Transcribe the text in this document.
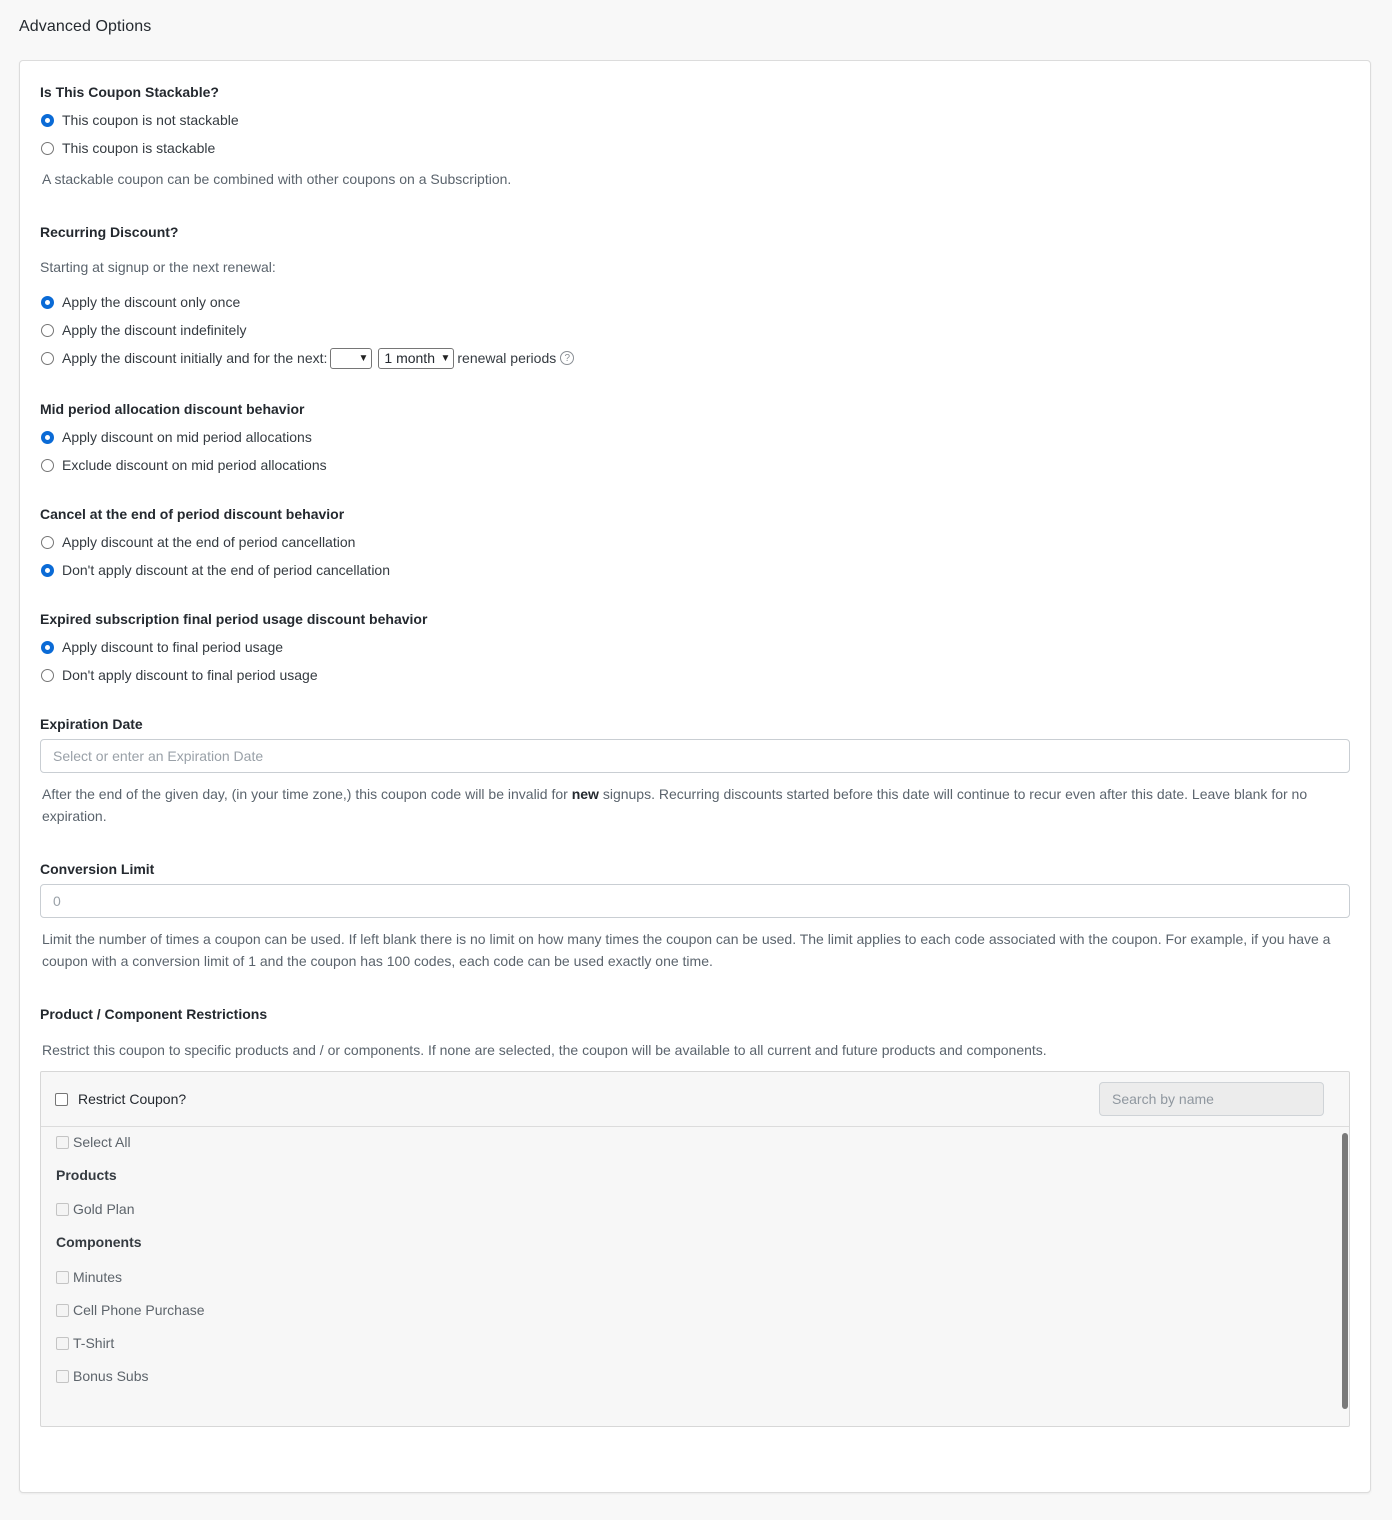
Advanced Options
Is This Coupon Stackable?
This coupon is not stackable
This coupon is stackable
A stackable coupon can be combined with other coupons on a Subscription.
Recurring Discount?
Starting at signup or the next renewal:
Apply the discount only once
Apply the discount indefinitely
Apply the discount initially and for the next:	▼ 1 month ▼ renewal periods ?
Mid period allocation discount behavior
Apply discount on mid period allocations
Exclude discount on mid period allocations
Cancel at the end of period discount behavior
Apply discount at the end of period cancellation
Don't apply discount at the end of period cancellation
Expired subscription final period usage discount behavior
Apply discount to final period usage
Don't apply discount to final period usage
Expiration Date
Select or enter an Expiration Date
After the end of the given day, (in your time zone,) this coupon code will be invalid for new signups. Recurring discounts started before this date will continue to recur even after this date. Leave blank for no expiration.
Conversion Limit
0
Limit the number of times a coupon can be used. If left blank there is no limit on how many times the coupon can be used. The limit applies to each code associated with the coupon. For example, if you have a coupon with a conversion limit of 1 and the coupon has 100 codes, each code can be used exactly one time.
Product / Component Restrictions
Restrict this coupon to specific products and / or components. If none are selected, the coupon will be available to all current and future products and components.
Restrict Coupon?	Search by name
Select All
Products
Gold Plan
Components
Minutes
Cell Phone Purchase
T-Shirt
Bonus Subs
